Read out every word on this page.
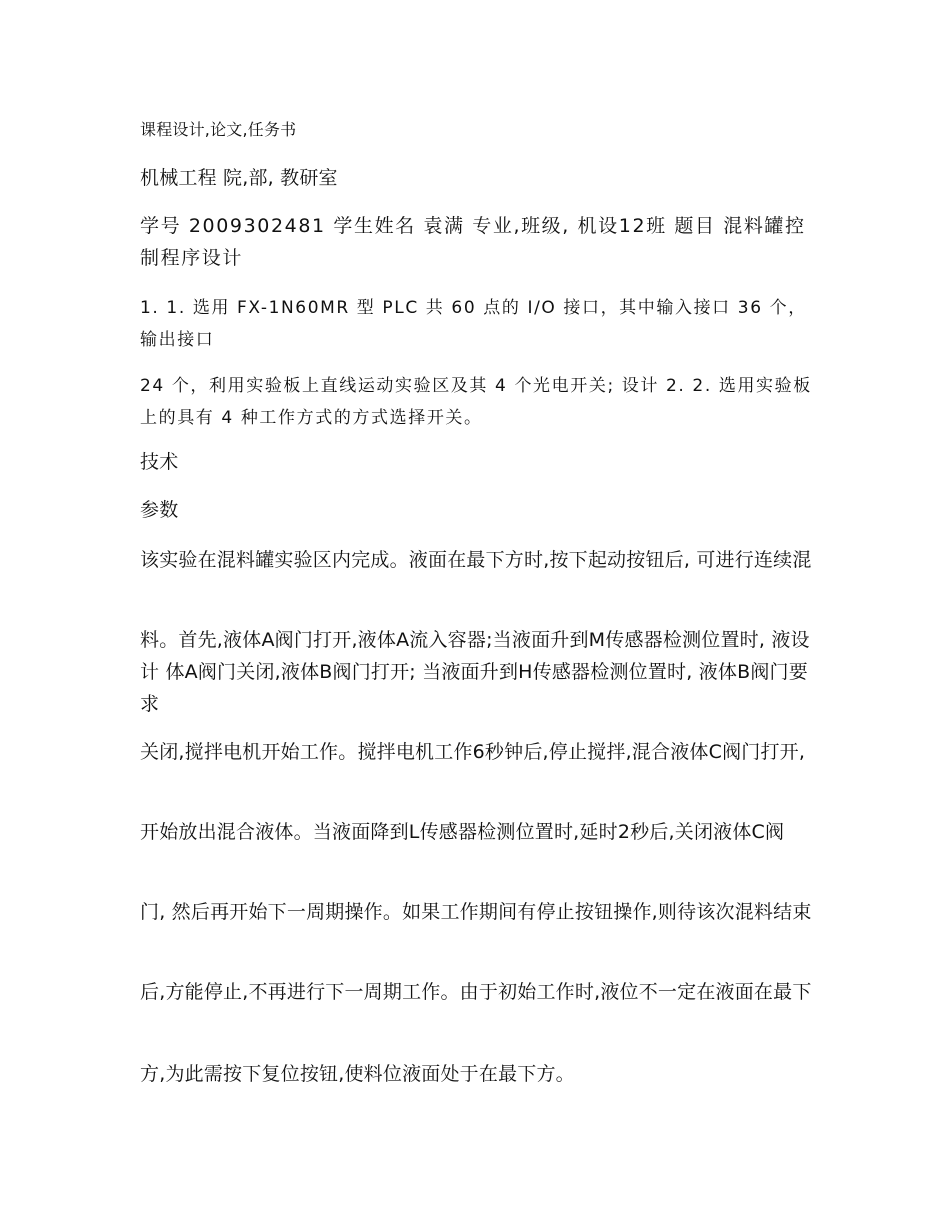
课程设计,论文,任务书

机械工程 院,部, 教研室

学号 2009302481 学生姓名 袁满 专业,班级, 机设12班 题目 混料罐控制程序设计

1. 1. 选用 FX-1N60MR 型 PLC 共 60 点的 I/O 接口，其中输入接口 36 个，输出接口

24 个，利用实验板上直线运动实验区及其 4 个光电开关; 设计 2. 2. 选用实验板上的具有 4 种工作方式的方式选择开关。

技术

参数

该实验在混料罐实验区内完成。液面在最下方时,按下起动按钮后, 可进行连续混

料。首先,液体A阀门打开,液体A流入容器;当液面升到M传感器检测位置时, 液设计 体A阀门关闭,液体B阀门打开; 当液面升到H传感器检测位置时, 液体B阀门要求

关闭,搅拌电机开始工作。搅拌电机工作6秒钟后,停止搅拌,混合液体C阀门打开,

开始放出混合液体。当液面降到L传感器检测位置时,延时2秒后,关闭液体C阀

门, 然后再开始下一周期操作。如果工作期间有停止按钮操作,则待该次混料结束

后,方能停止,不再进行下一周期工作。由于初始工作时,液位不一定在液面在最下

方,为此需按下复位按钮,使料位液面处于在最下方。
